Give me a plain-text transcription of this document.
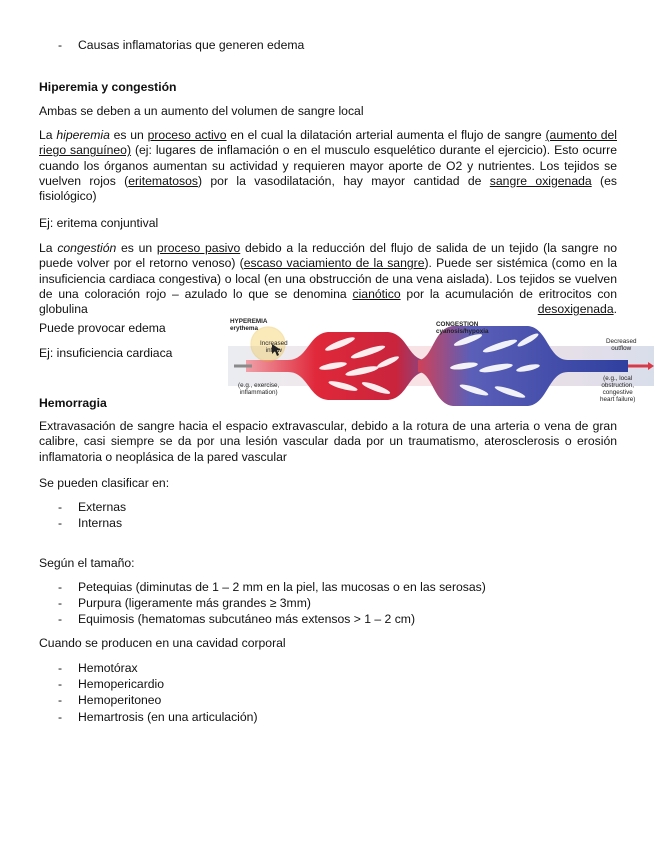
- Causas inflamatorias que generen edema
Hiperemia y congestión

Ambas se deben a un aumento del volumen de sangre local

La hiperemia es un proceso activo en el cual la dilatación arterial aumenta el flujo de sangre (aumento del riego sanguíneo) (ej: lugares de inflamación o en el musculo esquelético durante el ejercicio). Esto ocurre cuando los órganos aumentan su actividad y requieren mayor aporte de O2 y nutrientes. Los tejidos se vuelven rojos (eritematosos) por la vasodilatación, hay mayor cantidad de sangre oxigenada (es fisiológico)

Ej: eritema conjuntival

La congestión es un proceso pasivo debido a la reducción del flujo de salida de un tejido (la sangre no puede volver por el retorno venoso) (escaso vaciamiento de la sangre). Puede ser sistémica (como en la insuficiencia cardiaca congestiva) o local (en una obstrucción de una vena aislada). Los tejidos se vuelven de una coloración rojo – azulado lo que se denomina cianótico por la acumulación de eritrocitos con globulina desoxigenada.

Puede provocar edema

Ej: insuficiencia cardiaca

HYPEREMIA
erythema
Increased
inflow
(e.g., exercise,
inflammation)
CONGESTION
cyanosis/hypoxia
Decreased
outflow
(e.g., local
obstruction,
congestive
heart failure)
Hemorragia

Extravasación de sangre hacia el espacio extravascular, debido a la rotura de una arteria o vena de gran calibre, casi siempre se da por una lesión vascular dada por un traumatismo, aterosclerosis o erosión inflamatoria o neoplásica de la pared vascular

Se pueden clasificar en:

- Externas
- Internas

Según el tamaño:

- Petequias (diminutas de 1 – 2 mm en la piel, las mucosas o en las serosas)
- Purpura (ligeramente más grandes ≥ 3mm)
- Equimosis (hematomas subcutáneo más extensos > 1 – 2 cm)

Cuando se producen en una cavidad corporal

- Hemotórax
- Hemopericardio
- Hemoperitoneo
- Hemartrosis (en una articulación)
